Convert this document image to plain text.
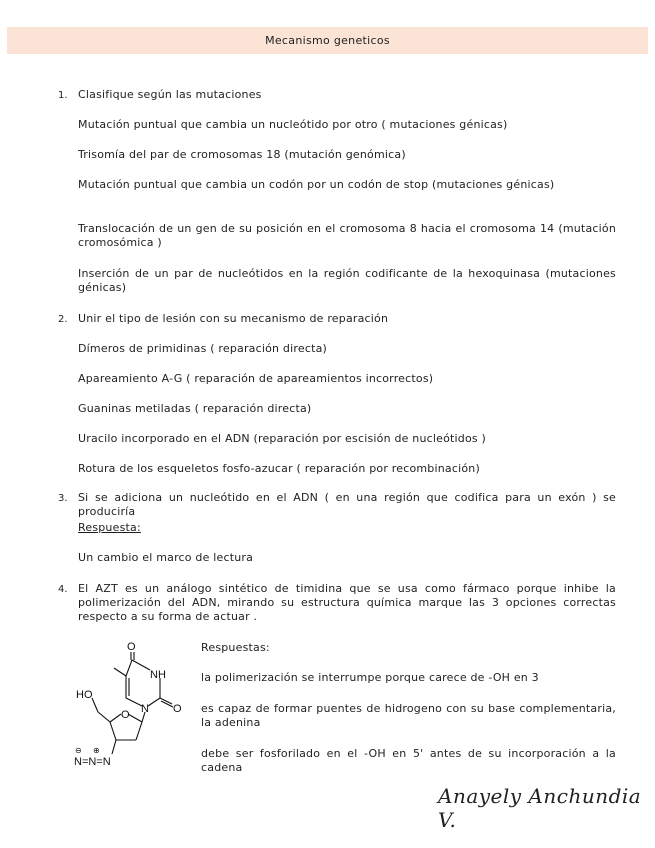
Mecanismo geneticos
1. Clasifique según las mutaciones
Mutación puntual que cambia un nucleótido por otro ( mutaciones génicas)
Trisomía del par de cromosomas 18 (mutación genómica)
Mutación puntual que cambia un codón por un codón de stop (mutaciones génicas)
Translocación de un gen de su posición en el cromosoma 8 hacia el cromosoma 14 (mutación cromosómica )
Inserción de un par de nucleótidos en la región codificante de la hexoquinasa (mutaciones génicas)
2. Unir el tipo de lesión con su mecanismo de reparación
Dímeros de primidinas ( reparación directa)
Apareamiento A-G ( reparación de apareamientos incorrectos)
Guaninas metiladas ( reparación directa)
Uracilo incorporado en el ADN (reparación por escisión de nucleótidos )
Rotura de los esqueletos fosfo-azucar ( reparación por recombinación)
3. Si se adiciona un nucleótido en el ADN ( en una región que codifica para un exón ) se produciría
Respuesta:
Un cambio el marco de lectura
4. El AZT es un análogo sintético de timidina que se usa como fármaco porque inhibe la polimerización del ADN, mirando su estructura química marque las 3 opciones correctas respecto a su forma de actuar .
Respuestas:
la polimerización se interrumpe porque carece de -OH en 3
es capaz de formar puentes de hidrogeno con su base complementaria, la adenina
debe ser fosforilado en el -OH en 5' antes de su incorporación a la cadena
O
NH
O
N
HO
O
N=N=N
⊖ ⊕
Anayely Anchundia V.
